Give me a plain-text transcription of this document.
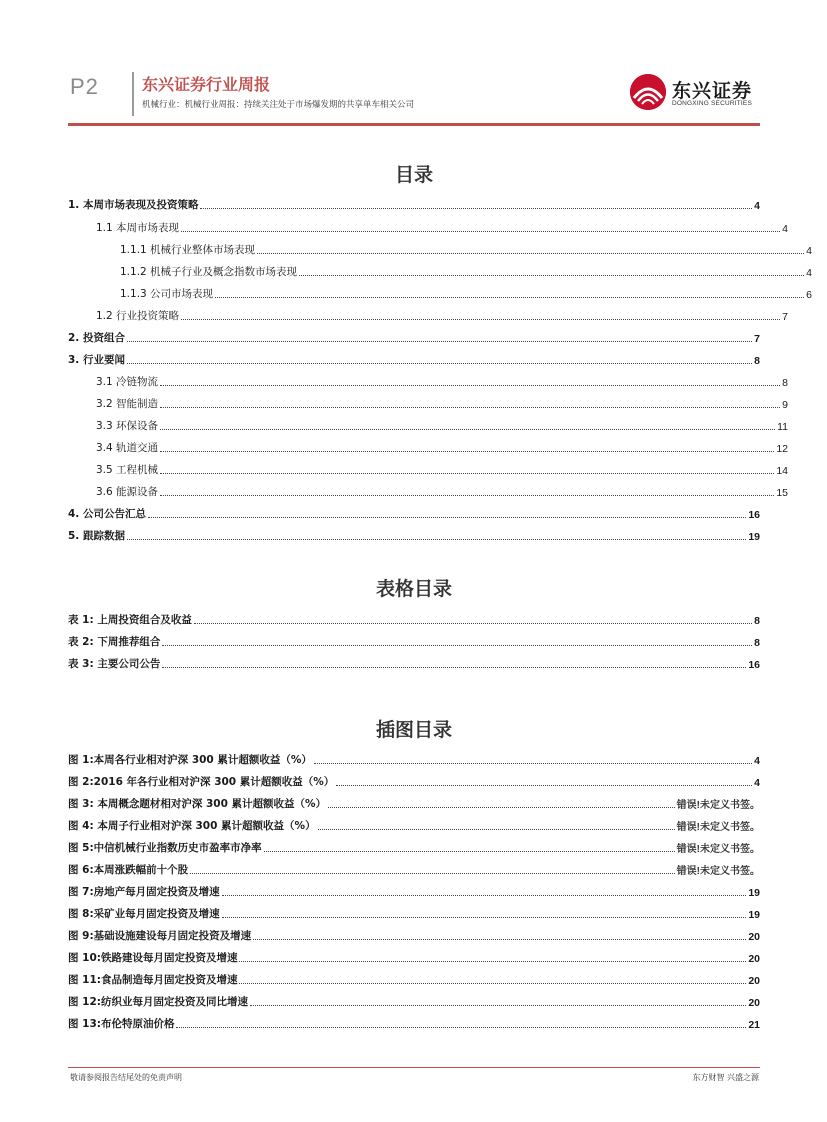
P2	东兴证券行业周报
机械行业：机械行业周报：持续关注处于市场爆发期的共享单车相关公司
东兴证券
DONGXING SECURITIES
目录
1. 本周市场表现及投资策略	4
1.1 本周市场表现	4
1.1.1 机械行业整体市场表现	4
1.1.2 机械子行业及概念指数市场表现	4
1.1.3 公司市场表现	6
1.2 行业投资策略	7
2. 投资组合	7
3. 行业要闻	8
3.1 冷链物流	8
3.2 智能制造	9
3.3 环保设备	11
3.4 轨道交通	12
3.5 工程机械	14
3.6 能源设备	15
4. 公司公告汇总	16
5. 跟踪数据	19
表格目录
表 1: 上周投资组合及收益	8
表 2: 下周推荐组合	8
表 3: 主要公司公告	16
插图目录
图 1:本周各行业相对沪深 300 累计超额收益（%）	4
图 2:2016 年各行业相对沪深 300 累计超额收益（%）	4
图 3: 本周概念题材相对沪深 300 累计超额收益（%）	错误!未定义书签。
图 4: 本周子行业相对沪深 300 累计超额收益（%）	错误!未定义书签。
图 5:中信机械行业指数历史市盈率市净率	错误!未定义书签。
图 6:本周涨跌幅前十个股	错误!未定义书签。
图 7:房地产每月固定投资及增速	19
图 8:采矿业每月固定投资及增速	19
图 9:基础设施建设每月固定投资及增速	20
图 10:铁路建设每月固定投资及增速	20
图 11:食品制造每月固定投资及增速	20
图 12:纺织业每月固定投资及同比增速	20
图 13:布伦特原油价格	21
敬请参阅报告结尾处的免责声明	东方财智 兴盛之源
